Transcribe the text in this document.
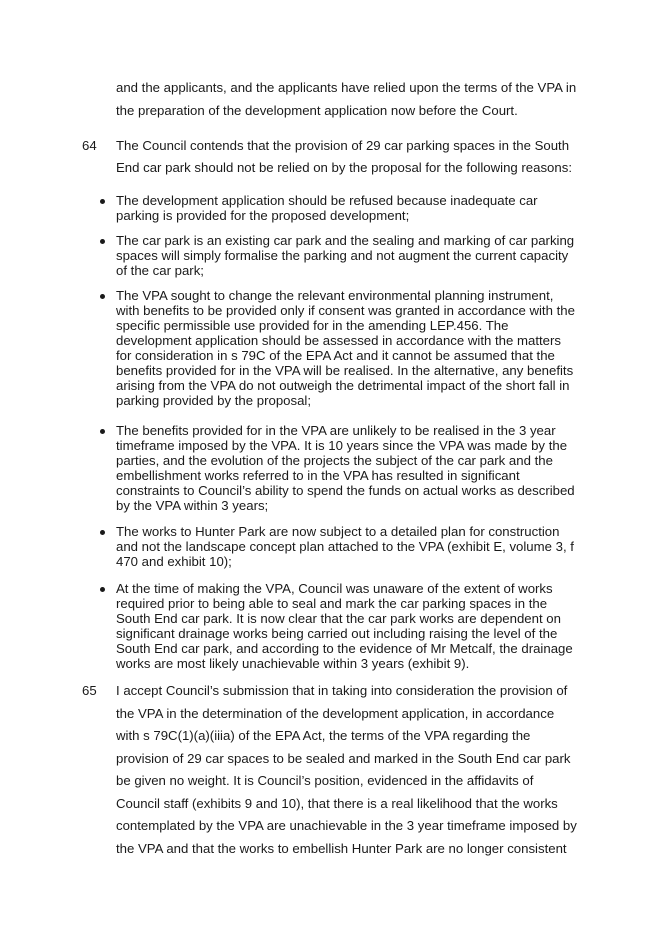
and the applicants, and the applicants have relied upon the terms of the VPA in
the preparation of the development application now before the Court.
64 The Council contends that the provision of 29 car parking spaces in the South
End car park should not be relied on by the proposal for the following reasons:
The development application should be refused because inadequate car
parking is provided for the proposed development;
The car park is an existing car park and the sealing and marking of car parking
spaces will simply formalise the parking and not augment the current capacity
of the car park;
The VPA sought to change the relevant environmental planning instrument,
with benefits to be provided only if consent was granted in accordance with the
specific permissible use provided for in the amending LEP.456. The
development application should be assessed in accordance with the matters
for consideration in s 79C of the EPA Act and it cannot be assumed that the
benefits provided for in the VPA will be realised. In the alternative, any benefits
arising from the VPA do not outweigh the detrimental impact of the short fall in
parking provided by the proposal;
The benefits provided for in the VPA are unlikely to be realised in the 3 year
timeframe imposed by the VPA. It is 10 years since the VPA was made by the
parties, and the evolution of the projects the subject of the car park and the
embellishment works referred to in the VPA has resulted in significant
constraints to Council’s ability to spend the funds on actual works as described
by the VPA within 3 years;
The works to Hunter Park are now subject to a detailed plan for construction
and not the landscape concept plan attached to the VPA (exhibit E, volume 3, f
470 and exhibit 10);
At the time of making the VPA, Council was unaware of the extent of works
required prior to being able to seal and mark the car parking spaces in the
South End car park. It is now clear that the car park works are dependent on
significant drainage works being carried out including raising the level of the
South End car park, and according to the evidence of Mr Metcalf, the drainage
works are most likely unachievable within 3 years (exhibit 9).
65 I accept Council’s submission that in taking into consideration the provision of
the VPA in the determination of the development application, in accordance
with s 79C(1)(a)(iiia) of the EPA Act, the terms of the VPA regarding the
provision of 29 car spaces to be sealed and marked in the South End car park
be given no weight. It is Council’s position, evidenced in the affidavits of
Council staff (exhibits 9 and 10), that there is a real likelihood that the works
contemplated by the VPA are unachievable in the 3 year timeframe imposed by
the VPA and that the works to embellish Hunter Park are no longer consistent
